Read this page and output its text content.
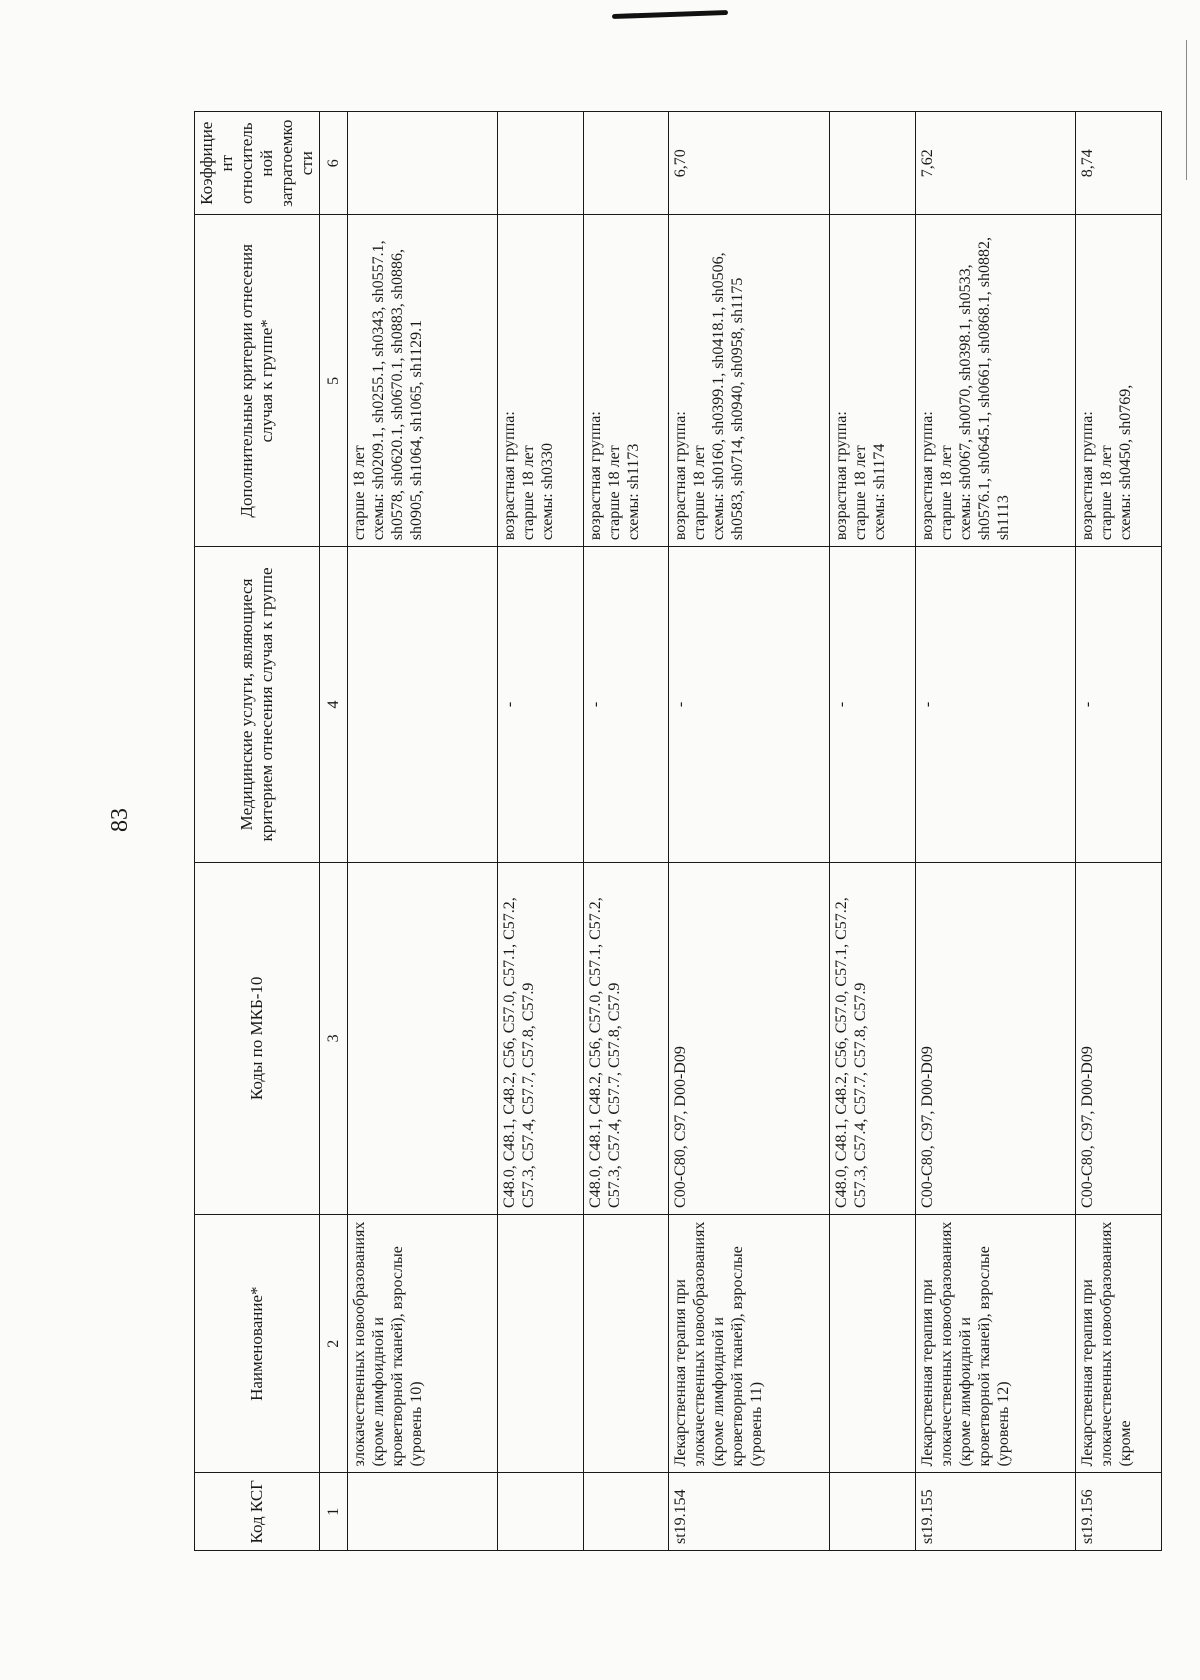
83
Код КСГ	Наименование*	Коды по МКБ-10	Медицинские услуги, являющиеся критерием отнесения случая к группе	Дополнительные критерии отнесения случая к группе*	Коэффициент относительной затратоемкости
1	2	3	4	5	6
	злокачественных новообразованиях (кроме лимфоидной и кроветворной тканей), взрослые (уровень 10)			старше 18 лет схемы: sh0209.1, sh0255.1, sh0343, sh0557.1, sh0578, sh0620.1, sh0670.1, sh0883, sh0886, sh0905, sh1064, sh1065, sh1129.1	
		C48.0, C48.1, C48.2, C56, C57.0, C57.1, C57.2, C57.3, C57.4, C57.7, C57.8, C57.9	-	возрастная группа: старше 18 лет схемы: sh0330	
		C48.0, C48.1, C48.2, C56, C57.0, C57.1, C57.2, C57.3, C57.4, C57.7, C57.8, C57.9	-	возрастная группа: старше 18 лет схемы: sh1173	
st19.154	Лекарственная терапия при злокачественных новообразованиях (кроме лимфоидной и кроветворной тканей), взрослые (уровень 11)	C00-C80, C97, D00-D09	-	возрастная группа: старше 18 лет схемы: sh0160, sh0399.1, sh0418.1, sh0506, sh0583, sh0714, sh0940, sh0958, sh1175	6,70
		C48.0, C48.1, C48.2, C56, C57.0, C57.1, C57.2, C57.3, C57.4, C57.7, C57.8, C57.9	-	возрастная группа: старше 18 лет схемы: sh1174	
st19.155	Лекарственная терапия при злокачественных новообразованиях (кроме лимфоидной и кроветворной тканей), взрослые (уровень 12)	C00-C80, C97, D00-D09	-	возрастная группа: старше 18 лет схемы: sh0067, sh0070, sh0398.1, sh0533, sh0576.1, sh0645.1, sh0661, sh0868.1, sh0882, sh1113	7,62
st19.156	Лекарственная терапия при злокачественных новообразованиях (кроме	C00-C80, C97, D00-D09	-	возрастная группа: старше 18 лет схемы: sh0450, sh0769,	8,74
